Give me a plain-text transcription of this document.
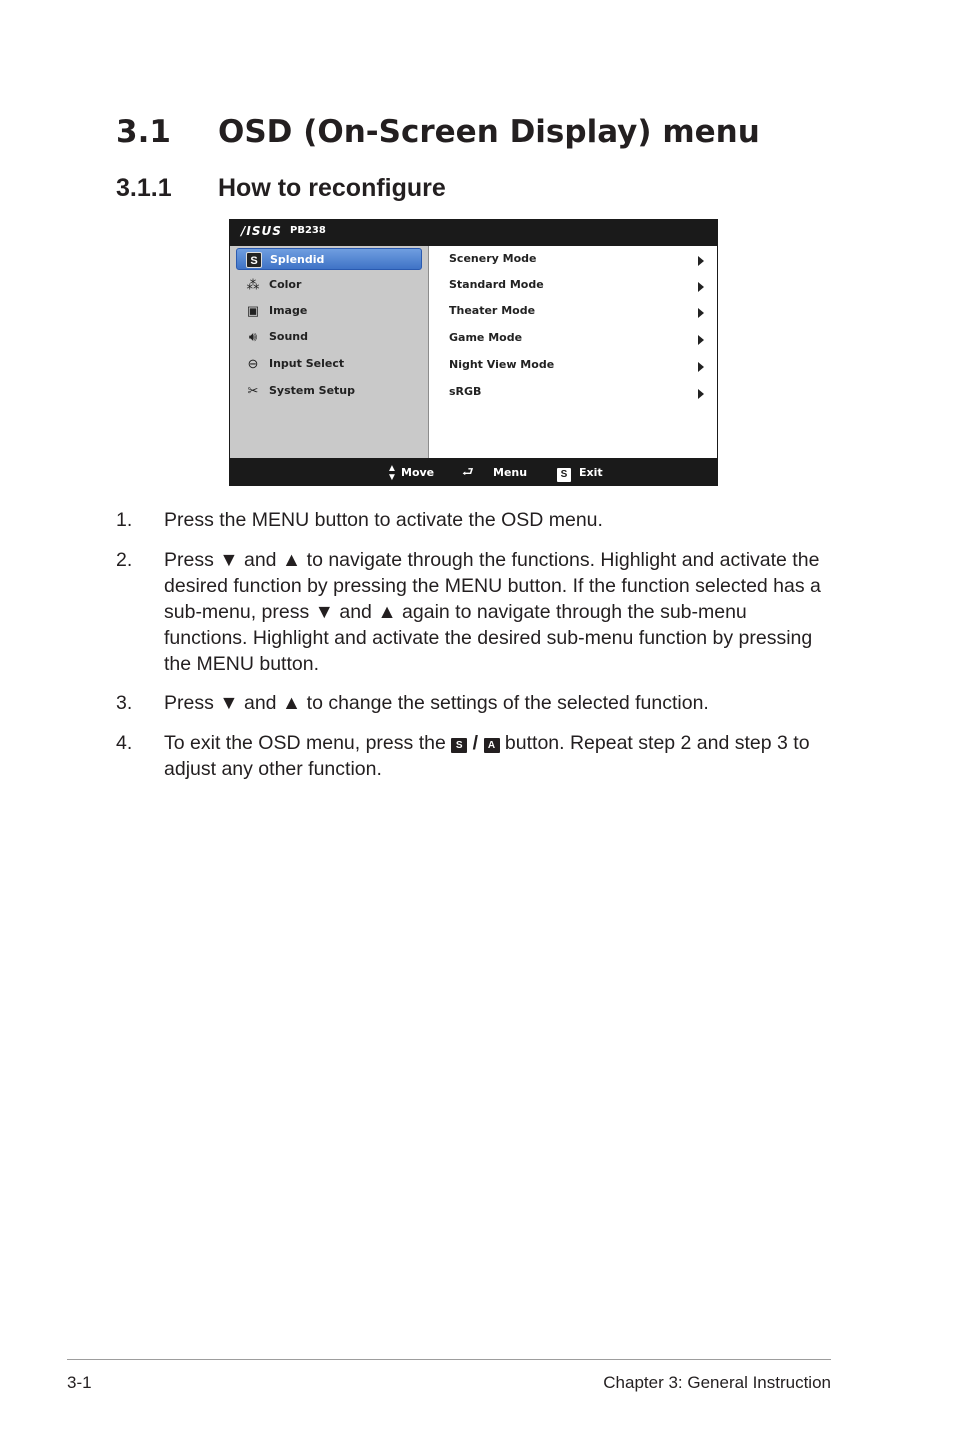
3.1 OSD (On-Screen Display) menu
3.1.1 How to reconfigure
/ISUS PB238
S	Splendid
⁂ Color
▣ Image
🔊︎	Sound
⊖ Input Select
✂ System Setup
Scenery Mode
Standard Mode
Theater Mode
Game Mode
Night View Mode
sRGB
▲
▼ Move ⮐ Menu	S	Exit
1. Press the MENU button to activate the OSD menu.
2. Press ▼ and ▲ to navigate through the functions. Highlight and activate the desired function by pressing the MENU button. If the function selected has a sub-menu, press ▼ and ▲ again to navigate through the sub-menu functions. Highlight and activate the desired sub-menu function by pressing the MENU button.
3. Press ▼ and ▲ to change the settings of the selected function.
4. To exit the OSD menu, press the S / A button. Repeat step 2 and step 3 to adjust any other function.
3-1	Chapter 3: General Instruction
